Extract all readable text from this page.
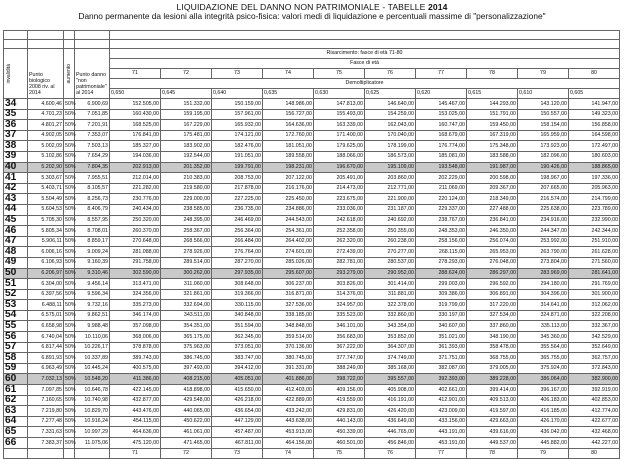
LIQUIDAZIONE DEL DANNO NON PATRIMONIALE - TABELLE 2014
Danno permanente da lesioni alla integrità psico-fisica: valori medi di liquidazione e percentuali massime di "personalizzazione"

invalidità	Punto biologico 2008 riv. al 2014	aumento	Punto danno "non patrimoniale" al 2014	Risarcimento: fasce di età 71-80									
				Fasce di età									
				71	72	73	74	75	76	77	78	79	80
				Demoltiplicatore									
				0,650	0,645	0,640	0,635	0,630	0,625	0,620	0,615	0,610	0,605
34	4.600,46	50%	6.900,69	152.505,00	151.332,00	150.159,00	148.986,00	147.813,00	146.640,00	145.467,00	144.293,00	143.120,00	141.947,00
35	4.701,23	50%	7.051,85	160.430,00	159.195,00	157.961,00	156.727,00	155.493,00	154.259,00	153.025,00	151.791,00	150.557,00	149.323,00
36	4.801,27	50%	7.201,91	168.525,00	167.229,00	165.932,00	164.636,00	163.339,00	162.043,00	160.747,00	159.450,00	158.154,00	156.858,00
37	4.902,05	50%	7.353,07	176.841,00	175.481,00	174.121,00	172.760,00	171.400,00	170.040,00	168.679,00	167.319,00	165.959,00	164.598,00
38	5.002,09	50%	7.503,13	185.327,00	183.902,00	182.476,00	181.051,00	179.625,00	178.199,00	176.774,00	175.348,00	173.923,00	172.497,00
39	5.102,86	50%	7.654,29	194.036,00	192.544,00	191.051,00	189.558,00	188.066,00	186.573,00	185.081,00	183.588,00	182.096,00	180.603,00
40	5.202,90	50%	7.804,35	202.913,00	201.352,00	199.791,00	198.231,00	196.670,00	195.109,00	193.548,00	191.987,00	190.426,00	188.865,00
41	5.303,67	50%	7.955,51	212.014,00	210.383,00	208.753,00	207.122,00	205.491,00	203.860,00	202.229,00	200.598,00	198.967,00	197.336,00
42	5.403,71	50%	8.105,57	221.282,00	219.580,00	217.878,00	216.176,00	214.473,00	212.771,00	211.069,00	209.367,00	207.665,00	205.963,00
43	5.504,49	50%	8.256,73	230.776,00	229.000,00	227.225,00	225.450,00	223.675,00	221.900,00	220.124,00	218.349,00	216.574,00	214.799,00
44	5.604,53	50%	8.406,79	240.434,00	238.585,00	236.735,00	234.886,00	233.036,00	231.187,00	229.337,00	227.488,00	225.638,00	223.789,00
45	5.705,30	50%	8.557,95	250.320,00	248.395,00	246.469,00	244.543,00	242.618,00	240.692,00	238.767,00	236.841,00	234.916,00	232.990,00
46	5.805,34	50%	8.708,01	260.370,00	258.367,00	256.364,00	254.361,00	252.358,00	250.355,00	248.353,00	246.350,00	244.347,00	242.344,00
47	5.906,11	50%	8.859,17	270.648,00	268.566,00	266.484,00	264.402,00	262.320,00	260.238,00	258.156,00	256.074,00	253.992,00	251.910,00
48	6.006,16	50%	9.009,24	281.088,00	278.926,00	276.764,00	274.601,00	272.439,00	270.277,00	268.115,00	265.953,00	263.790,00	261.628,00
49	6.106,93	50%	9.160,39	291.758,00	289.514,00	287.270,00	285.026,00	282.781,00	280.537,00	278.293,00	276.048,00	273.804,00	271.560,00
50	6.206,97	50%	9.310,46	302.590,00	300.262,00	297.935,00	295.607,00	293.279,00	290.952,00	288.624,00	286.297,00	283.969,00	281.641,00
51	6.304,00	50%	9.456,14	313.471,00	311.060,00	308.648,00	306.237,00	303.826,00	301.414,00	299.003,00	296.592,00	294.180,00	291.769,00
52	6.397,56	50%	9.596,34	324.356,00	321.861,00	319.366,00	316.871,00	314.376,00	311.881,00	309.386,00	306.891,00	304.396,00	301.900,00
53	6.488,11	50%	9.732,16	335.273,00	332.694,00	330.115,00	327.536,00	324.957,00	322.378,00	319.799,00	317.220,00	314.641,00	312.062,00
54	6.575,01	50%	9.862,51	346.174,00	343.511,00	340.848,00	338.185,00	335.523,00	332.860,00	330.197,00	327.534,00	324.871,00	322.208,00
55	6.658,98	50%	9.988,48	357.098,00	354.351,00	351.594,00	348.848,00	346.101,00	343.354,00	340.607,00	337.860,00	335.113,00	332.367,00
56	6.740,04	50%	10.110,06	368.006,00	365.175,00	362.345,00	359.514,00	356.683,00	353.852,00	351.021,00	348.190,00	345.360,00	342.529,00
57	6.817,44	50%	10.226,17	378.878,00	375.963,00	373.051,00	370.136,00	367.222,00	364.307,00	361.393,00	358.478,00	355.564,00	352.649,00
58	6.891,93	50%	10.337,89	389.743,00	386.745,00	383.747,00	380.745,00	377.747,00	374.749,00	371.751,00	368.755,00	365.755,00	362.757,00
59	6.963,49	50%	10.445,24	400.575,00	397.493,00	394.412,00	391.331,00	388.249,00	385.168,00	382.087,00	379.005,00	375.924,00	372.843,00
60	7.032,13	50%	10.548,20	411.386,00	408.215,00	405.051,00	401.886,00	398.722,00	395.557,00	392.393,00	389.228,00	386.064,00	382.900,00
61	7.097,85	50%	10.646,78	422.145,00	418.898,00	415.650,00	412.403,00	409.156,00	405.908,00	402.661,00	399.414,00	396.167,00	392.919,00
62	7.160,65	50%	10.740,98	432.877,00	429.548,00	426.218,00	422.889,00	419.559,00	416.191,00	412.901,00	409.513,00	406.183,00	402.853,00
63	7.219,80	50%	10.829,70	443.476,00	440.065,00	436.654,00	433.242,00	429.831,00	426.420,00	423.009,00	419.597,00	416.185,00	412.774,00
64	7.277,48	50%	10.916,24	454.115,00	450.622,00	447.129,00	443.638,00	440.143,00	436.649,00	433.156,00	429.663,00	426.170,00	422.677,00
65	7.331,63	50%	10.997,29	464.636,00	461.061,00	457.487,00	453.913,00	450.339,00	446.765,00	443.191,00	439.616,00	436.042,00	432.468,00
66	7.383,37	50%	11.075,06	475.120,00	471.465,00	467.811,00	464.156,00	460.501,00	456.846,00	453.191,00	449.537,00	445.882,00	442.227,00
				71	72	73	74	75	76	77	78	79	80
